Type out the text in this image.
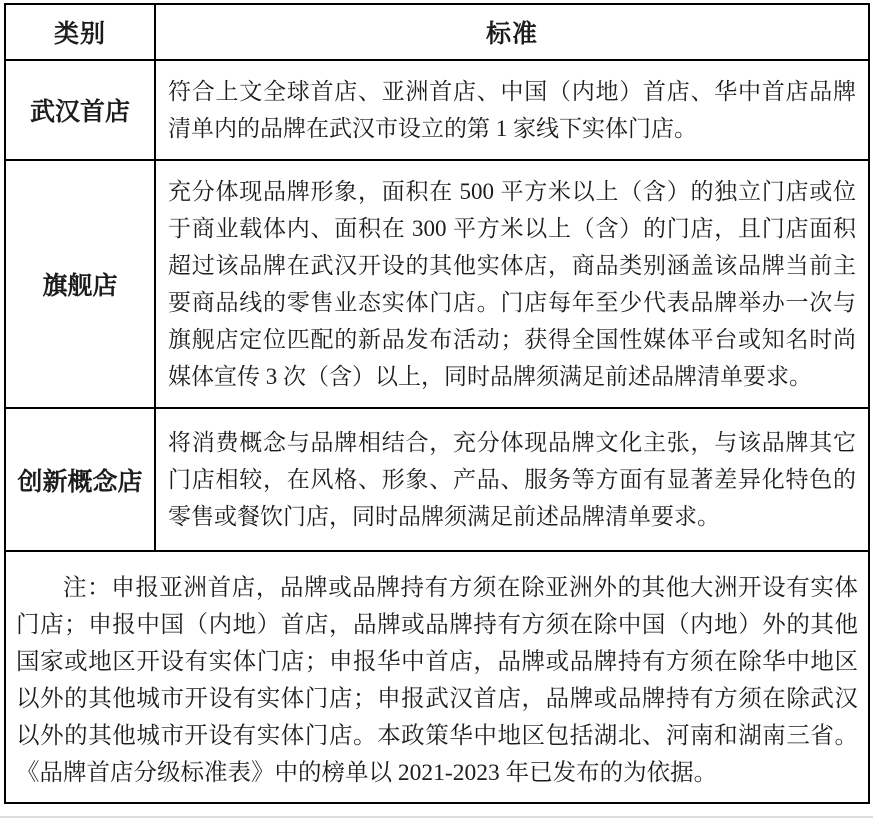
类别	标准
武汉首店	符合上文全球首店、亚洲首店、中国（内地）首店、华中首店品牌清单内的品牌在武汉市设立的第 1 家线下实体门店。
旗舰店	充分体现品牌形象，面积在 500 平方米以上（含）的独立门店或位于商业载体内、面积在 300 平方米以上（含）的门店，且门店面积超过该品牌在武汉开设的其他实体店，商品类别涵盖该品牌当前主要商品线的零售业态实体门店。门店每年至少代表品牌举办一次与旗舰店定位匹配的新品发布活动；获得全国性媒体平台或知名时尚媒体宣传 3 次（含）以上，同时品牌须满足前述品牌清单要求。
创新概念店	将消费概念与品牌相结合，充分体现品牌文化主张，与该品牌其它门店相较，在风格、形象、产品、服务等方面有显著差异化特色的零售或餐饮门店，同时品牌须满足前述品牌清单要求。
注：申报亚洲首店，品牌或品牌持有方须在除亚洲外的其他大洲开设有实体门店；申报中国（内地）首店，品牌或品牌持有方须在除中国（内地）外的其他国家或地区开设有实体门店；申报华中首店，品牌或品牌持有方须在除华中地区以外的其他城市开设有实体门店；申报武汉首店，品牌或品牌持有方须在除武汉以外的其他城市开设有实体门店。本政策华中地区包括湖北、河南和湖南三省。《品牌首店分级标准表》中的榜单以 2021-2023 年已发布的为依据。	
